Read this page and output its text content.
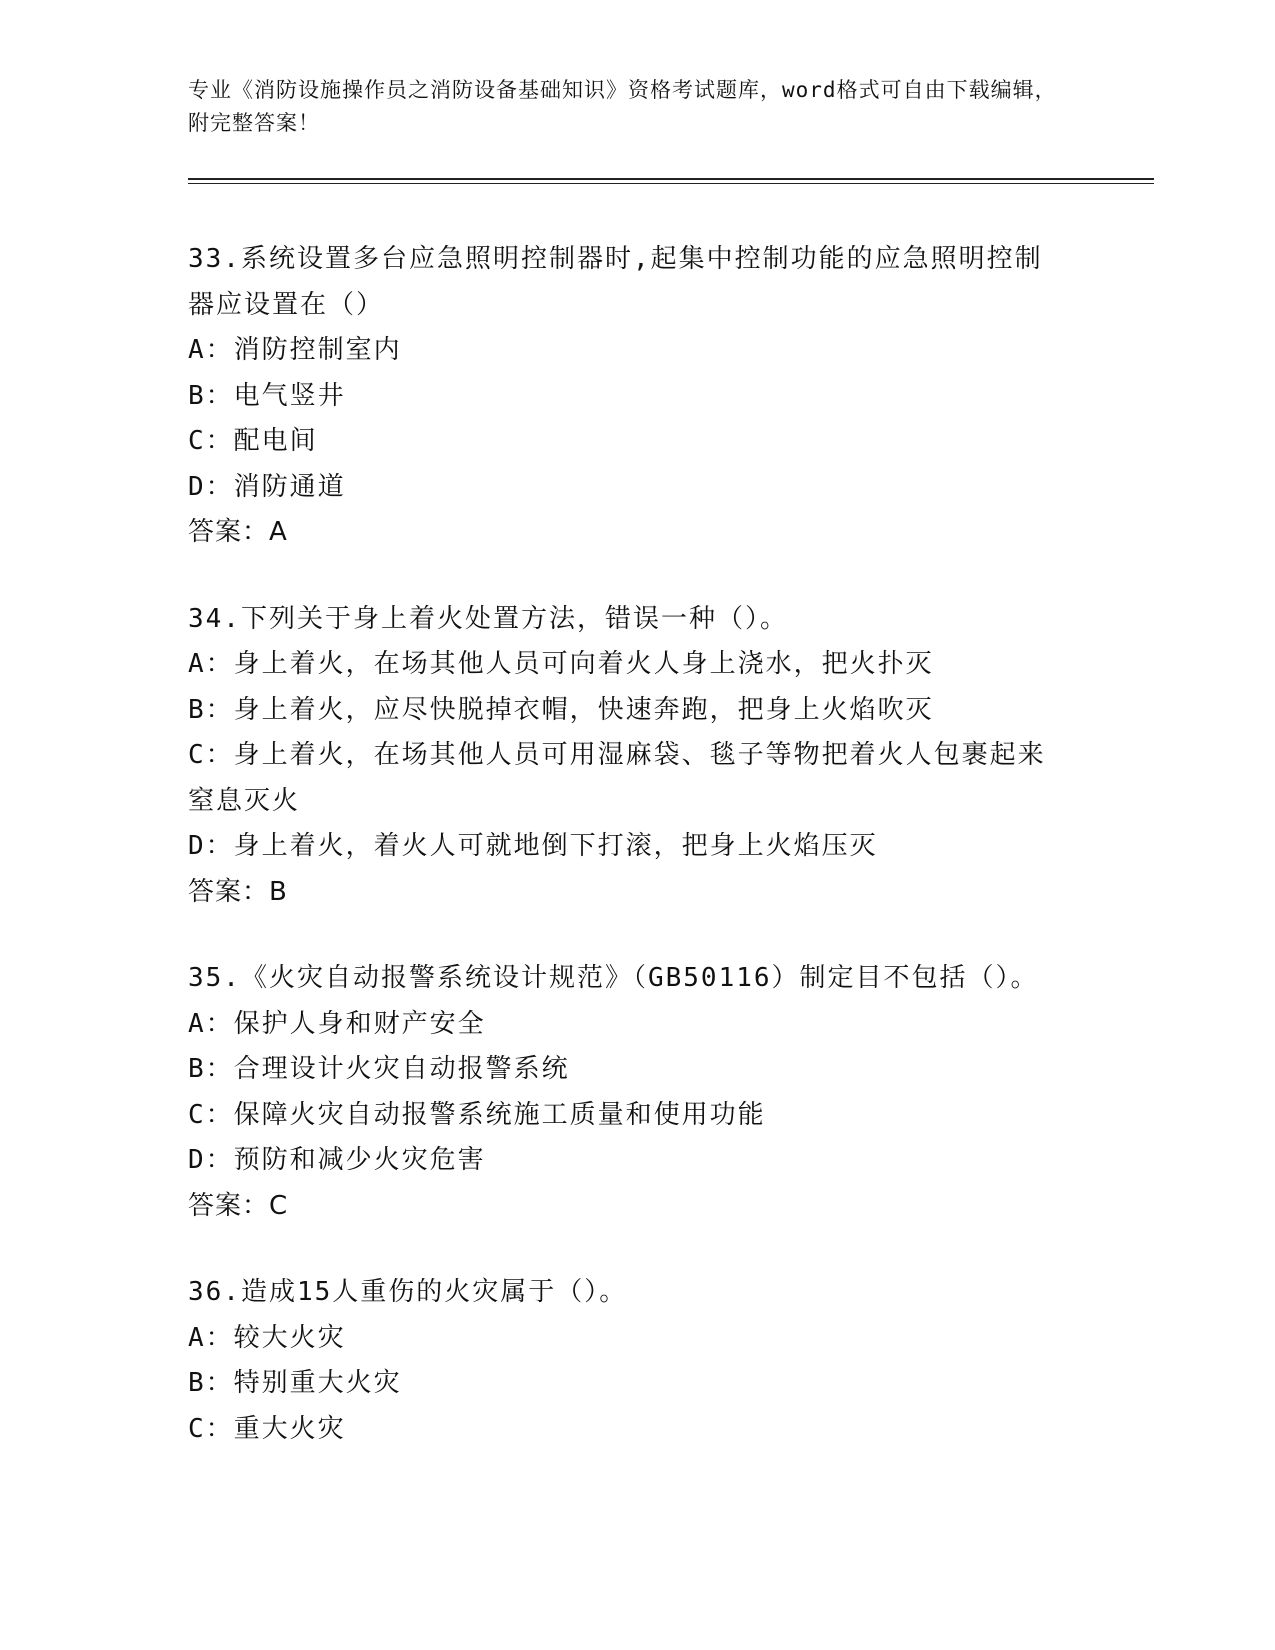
专业《消防设施操作员之消防设备基础知识》资格考试题库，word格式可自由下载编辑，附完整答案！
33.系统设置多台应急照明控制器时,起集中控制功能的应急照明控制器应设置在（）
A：消防控制室内
B：电气竖井
C：配电间
D：消防通道
答案：A
34.下列关于身上着火处置方法，错误一种（）。
A：身上着火，在场其他人员可向着火人身上浇水，把火扑灭
B：身上着火，应尽快脱掉衣帽，快速奔跑，把身上火焰吹灭
C：身上着火，在场其他人员可用湿麻袋、毯子等物把着火人包裹起来窒息灭火
D：身上着火，着火人可就地倒下打滚，把身上火焰压灭
答案：B
35.《火灾自动报警系统设计规范》（GB50116）制定目不包括（）。
A：保护人身和财产安全
B：合理设计火灾自动报警系统
C：保障火灾自动报警系统施工质量和使用功能
D：预防和减少火灾危害
答案：C
36.造成15人重伤的火灾属于（）。
A：较大火灾
B：特别重大火灾
C：重大火灾
